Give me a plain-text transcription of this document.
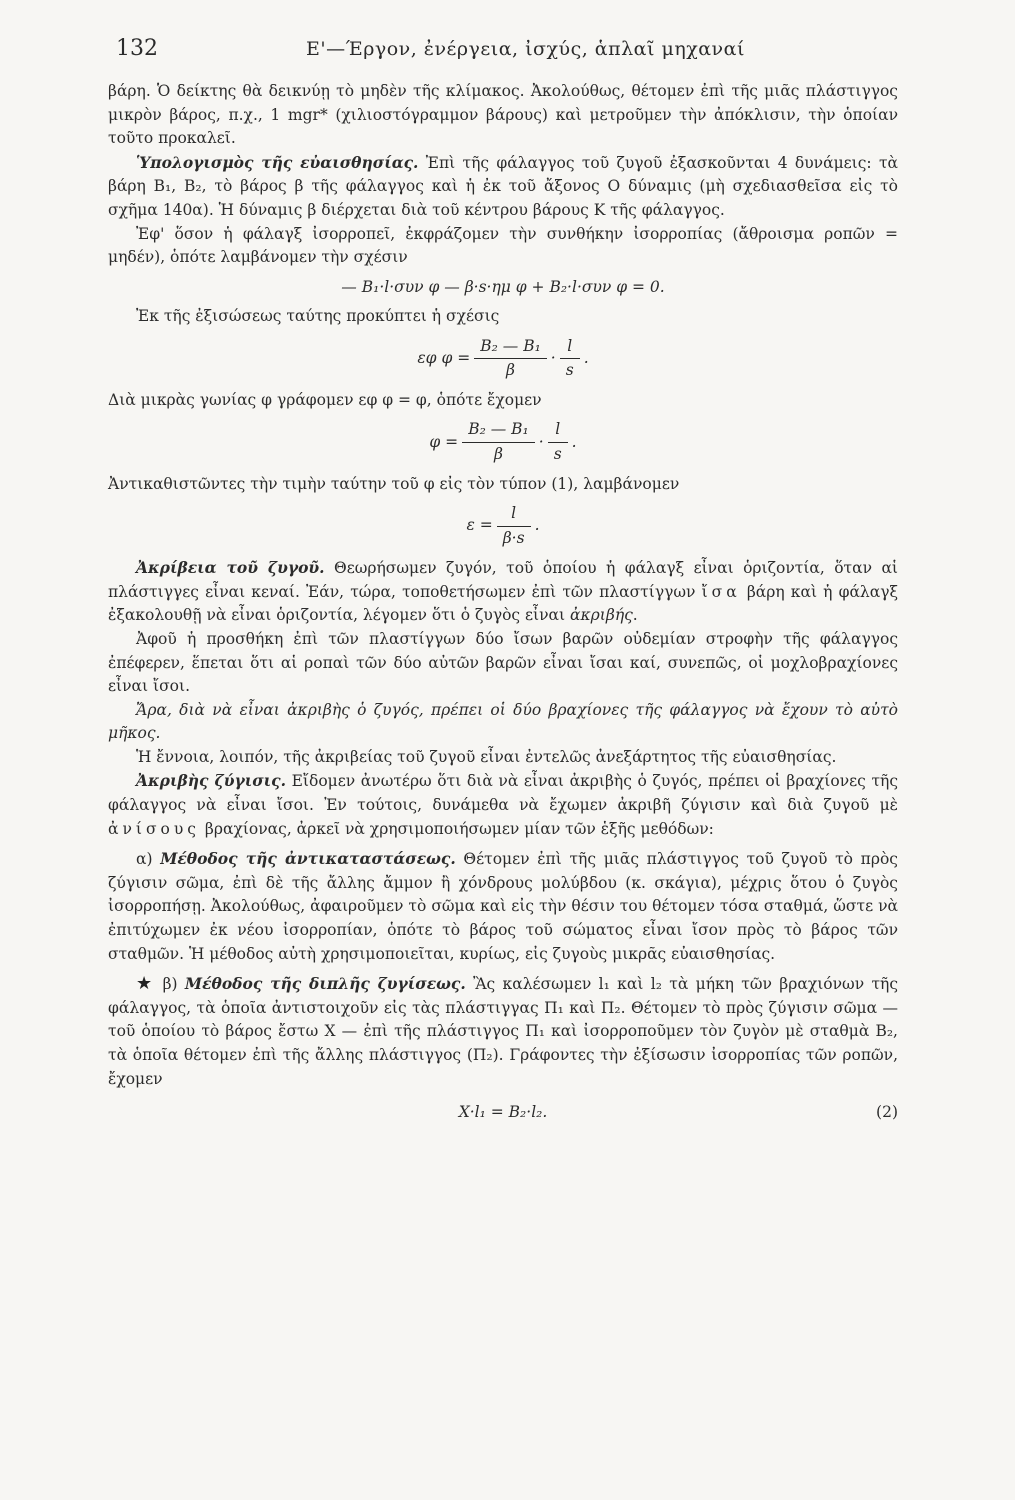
132	Ε'—Έργον, ἐνέργεια, ἰσχύς, ἁπλαῖ μηχαναί

βάρη. Ὁ δείκτης θὰ δεικνύῃ τὸ μηδὲν τῆς κλίμακος. Ἀκολούθως, θέτομεν ἐπὶ τῆς μιᾶς πλάστιγγος μικρὸν βάρος, π.χ., 1 mgr* (χιλιοστόγραμμον βάρους) καὶ μετροῦμεν τὴν ἀπόκλισιν, τὴν ὁποίαν τοῦτο προκαλεῖ.

Ὑπολογισμὸς τῆς εὐαισθησίας. Ἐπὶ τῆς φάλαγγος τοῦ ζυγοῦ ἐξασκοῦνται 4 δυνάμεις: τὰ βάρη B₁, B₂, τὸ βάρος β τῆς φάλαγγος καὶ ἡ ἐκ τοῦ ἄξονος O δύναμις (μὴ σχεδιασθεῖσα εἰς τὸ σχῆμα 140α). Ἡ δύναμις β διέρχεται διὰ τοῦ κέντρου βάρους K τῆς φάλαγγος.

Ἐφ' ὅσον ἡ φάλαγξ ἰσορροπεῖ, ἐκφράζομεν τὴν συνθήκην ἰσορροπίας (ἄθροισμα ροπῶν = μηδέν), ὁπότε λαμβάνομεν τὴν σχέσιν

— B₁·l·συν φ — β·s·ημ φ + B₂·l·συν φ = 0.

Ἐκ τῆς ἐξισώσεως ταύτης προκύπτει ἡ σχέσις

εφ $\varphi = \frac{\text{B₂ — B₁}}{\beta} \cdot \frac{l}{s}$ .

Διὰ μικρὰς γωνίας φ γράφομεν εφ φ = φ, ὁπότε ἔχομεν

$\varphi = \frac{\text{B₂ — B₁}}{\beta} \cdot \frac{l}{s}$ .

Ἀντικαθιστῶντες τὴν τιμὴν ταύτην τοῦ φ εἰς τὸν τύπον (1), λαμβάνομεν

$\varepsilon = \frac{l}{\beta\cdot s}$ .

Ἀκρίβεια τοῦ ζυγοῦ. Θεωρήσωμεν ζυγόν, τοῦ ὁποίου ἡ φάλαγξ εἶναι ὁριζοντία, ὅταν αἱ πλάστιγγες εἶναι κεναί. Ἐάν, τώρα, τοποθετήσωμεν ἐπὶ τῶν πλαστίγγων ἴσα βάρη καὶ ἡ φάλαγξ ἐξακολουθῇ νὰ εἶναι ὁριζοντία, λέγομεν ὅτι ὁ ζυγὸς εἶναι ἀκριβής.

Ἀφοῦ ἡ προσθήκη ἐπὶ τῶν πλαστίγγων δύο ἴσων βαρῶν οὐδεμίαν στροφὴν τῆς φάλαγγος ἐπέφερεν, ἕπεται ὅτι αἱ ροπαὶ τῶν δύο αὐτῶν βαρῶν εἶναι ἴσαι καί, συνεπῶς, οἱ μοχλοβραχίονες εἶναι ἴσοι.

Ἄρα, διὰ νὰ εἶναι ἀκριβὴς ὁ ζυγός, πρέπει οἱ δύο βραχίονες τῆς φάλαγγος νὰ ἔχουν τὸ αὐτὸ μῆκος.

Ἡ ἔννοια, λοιπόν, τῆς ἀκριβείας τοῦ ζυγοῦ εἶναι ἐντελῶς ἀνεξάρτητος τῆς εὐαισθησίας.

Ἀκριβὴς ζύγισις. Εἴδομεν ἀνωτέρω ὅτι διὰ νὰ εἶναι ἀκριβὴς ὁ ζυγός, πρέπει οἱ βραχίονες τῆς φάλαγγος νὰ εἶναι ἴσοι. Ἐν τούτοις, δυνάμεθα νὰ ἔχωμεν ἀκριβῆ ζύγισιν καὶ διὰ ζυγοῦ μὲ ἀνίσους βραχίονας, ἀρκεῖ νὰ χρησιμοποιήσωμεν μίαν τῶν ἑξῆς μεθόδων:

α) Μέθοδος τῆς ἀντικαταστάσεως. Θέτομεν ἐπὶ τῆς μιᾶς πλάστιγγος τοῦ ζυγοῦ τὸ πρὸς ζύγισιν σῶμα, ἐπὶ δὲ τῆς ἄλλης ἄμμον ἢ χόνδρους μολύβδου (κ. σκάγια), μέχρις ὅτου ὁ ζυγὸς ἰσορροπήσῃ. Ἀκολούθως, ἀφαιροῦμεν τὸ σῶμα καὶ εἰς τὴν θέσιν του θέτομεν τόσα σταθμά, ὥστε νὰ ἐπιτύχωμεν ἐκ νέου ἰσορροπίαν, ὁπότε τὸ βάρος τοῦ σώματος εἶναι ἴσον πρὸς τὸ βάρος τῶν σταθμῶν. Ἡ μέθοδος αὐτὴ χρησιμοποιεῖται, κυρίως, εἰς ζυγοὺς μικρᾶς εὐαισθησίας.

★ β) Μέθοδος τῆς διπλῆς ζυγίσεως. Ἂς καλέσωμεν l₁ καὶ l₂ τὰ μήκη τῶν βραχιόνων τῆς φάλαγγος, τὰ ὁποῖα ἀντιστοιχοῦν εἰς τὰς πλάστιγγας Π₁ καὶ Π₂. Θέτομεν τὸ πρὸς ζύγισιν σῶμα — τοῦ ὁποίου τὸ βάρος ἔστω X — ἐπὶ τῆς πλάστιγγος Π₁ καὶ ἰσορροποῦμεν τὸν ζυγὸν μὲ σταθμὰ B₂, τὰ ὁποῖα θέτομεν ἐπὶ τῆς ἄλλης πλάστιγγος (Π₂). Γράφοντες τὴν ἐξίσωσιν ἰσορροπίας τῶν ροπῶν, ἔχομεν

X·l₁ = B₂·l₂.	(2)
